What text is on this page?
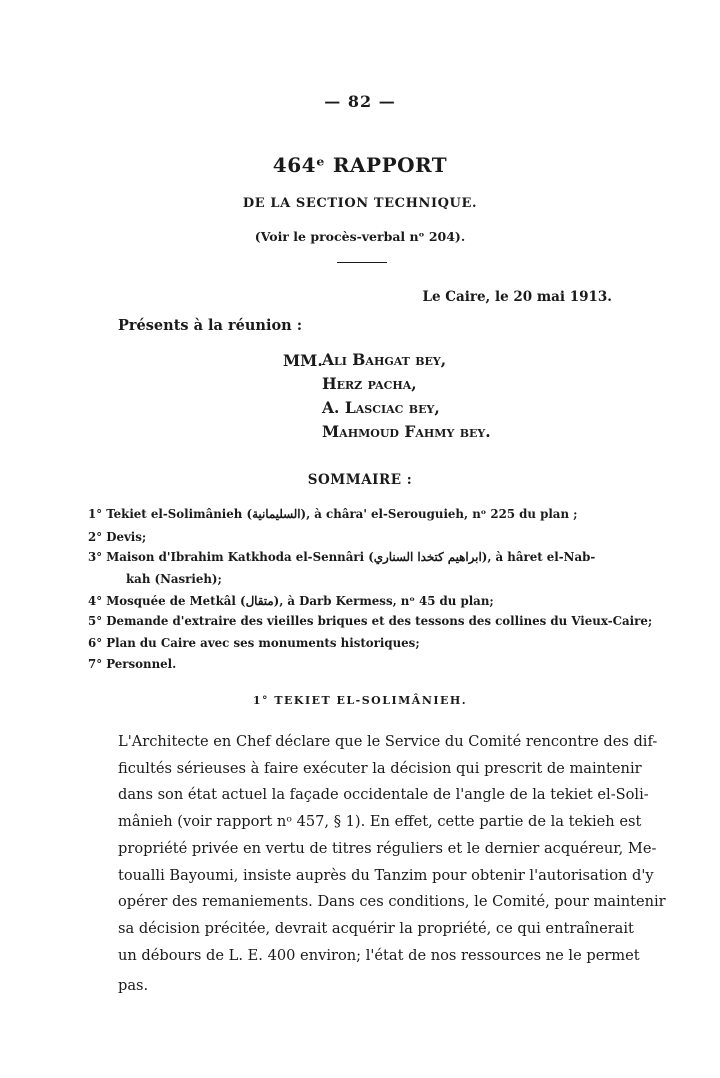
— 82 —
464ᵉ RAPPORT
DE LA SECTION TECHNIQUE.
(Voir le procès-verbal nᵒ 204).
Le Caire, le 20 mai 1913.
Présents à la réunion :
MM. Ali Bahgat bey,
Herz pacha,
A. Lasciac bey,
Mahmoud Fahmy bey.
SOMMAIRE :
1° Tekiet el-Solimânieh (السليمانية), à châra' el-Serouguieh, nᵒ 225 du plan ;
2° Devis;
3° Maison d'Ibrahim Katkhoda el-Sennâri (ابراهيم كتخدا السناري), à hâret el-Nab-
kah (Nasrieh);
4° Mosquée de Metkâl (متقال), à Darb Kermess, nᵒ 45 du plan;
5° Demande d'extraire des vieilles briques et des tessons des collines du Vieux-Caire;
6° Plan du Caire avec ses monuments historiques;
7° Personnel.
1° TEKIET EL-SOLIMÂNIEH.
L'Architecte en Chef déclare que le Service du Comité rencontre des dif-
ficultés sérieuses à faire exécuter la décision qui prescrit de maintenir
dans son état actuel la façade occidentale de l'angle de la tekiet el-Soli-
mânieh (voir rapport nᵒ 457, § 1). En effet, cette partie de la tekieh est
propriété privée en vertu de titres réguliers et le dernier acquéreur, Me-
toualli Bayoumi, insiste auprès du Tanzim pour obtenir l'autorisation d'y
opérer des remaniements. Dans ces conditions, le Comité, pour maintenir
sa décision précitée, devrait acquérir la propriété, ce qui entraînerait
un débours de L. E. 400 environ; l'état de nos ressources ne le permet
pas.
